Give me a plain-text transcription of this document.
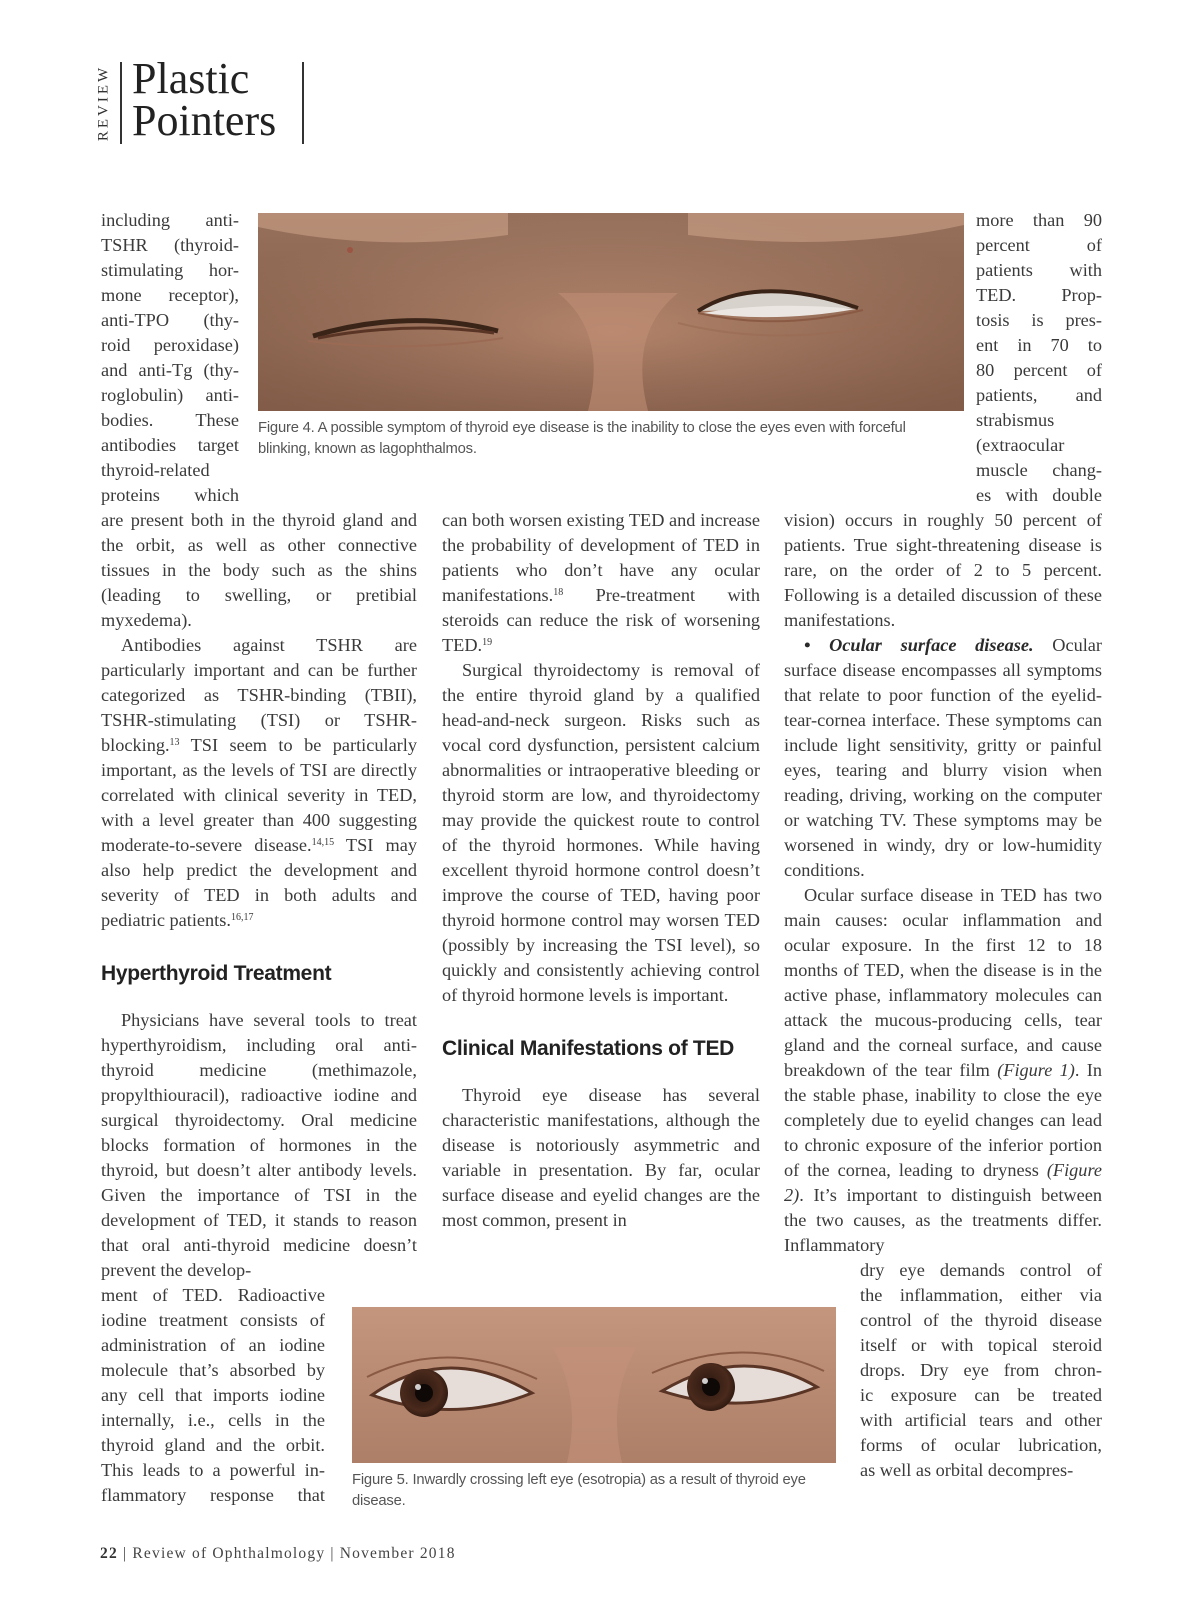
REVIEW Plastic
Pointers
Figure 4. A possible symptom of thyroid eye disease is the inability to close the eyes even with forceful blinking, known as lagophthalmos.

including anti-

TSHR (thyroid-

stimulating hor-

mone receptor),

anti-TPO (thy-

roid peroxidase)

and anti-Tg (thy-

roglobulin) anti-

bodies. These

antibodies target

thyroid-related

proteins which

are present both in the thyroid gland and the orbit, as well as other connective tissues in the body such as the shins (leading to swelling, or pretibial myxedema).

Antibodies against TSHR are particularly important and can be further categorized as TSHR-binding (TBII), TSHR-stimulating (TSI) or TSHR-blocking.$^{13}$ TSI seem to be particularly important, as the levels of TSI are directly correlated with clinical severity in TED, with a level greater than 400 suggesting moderate-to-severe disease.$^{14,15}$ TSI may also help predict the development and severity of TED in both adults and pediatric patients.$^{16,17}$

Hyperthyroid Treatment

Physicians have several tools to treat hyperthyroidism, including oral anti-thyroid medicine (methimazole, propylthiouracil), radioactive iodine and surgical thyroidectomy. Oral medicine blocks formation of hormones in the thyroid, but doesn’t alter antibody levels. Given the importance of TSI in the development of TED, it stands to reason that oral anti-thyroid medicine doesn’t prevent the develop-

ment of TED. Radioactive

iodine treatment consists of

administration of an iodine

molecule that’s absorbed by

any cell that imports iodine

internally, i.e., cells in the

thyroid gland and the orbit.

This leads to a powerful in-

flammatory response that

can both worsen existing TED and increase the probability of development of TED in patients who don’t have any ocular manifestations.$^{18}$ Pre-treatment with steroids can reduce the risk of worsening TED.$^{19}$

Surgical thyroidectomy is removal of the entire thyroid gland by a qualified head-and-neck surgeon. Risks such as vocal cord dysfunction, persistent calcium abnormalities or intraoperative bleeding or thyroid storm are low, and thyroidectomy may provide the quickest route to control of the thyroid hormones. While having excellent thyroid hormone control doesn’t improve the course of TED, having poor thyroid hormone control may worsen TED (possibly by increasing the TSI level), so quickly and consistently achieving control of thyroid hormone levels is important.

Clinical Manifestations of TED

Thyroid eye disease has several characteristic manifestations, although the disease is notoriously asymmetric and variable in presentation. By far, ocular surface disease and eyelid changes are the most common, present in

more than 90

percent of

patients with

TED. Prop-

tosis is pres-

ent in 70 to

80 percent of

patients, and

strabismus

(extraocular

muscle chang-

es with double

vision) occurs in roughly 50 percent of patients. True sight-threatening disease is rare, on the order of 2 to 5 percent. Following is a detailed discussion of these manifestations.

• Ocular surface disease. Ocular surface disease encompasses all symptoms that relate to poor function of the eyelid-tear-cornea interface. These symptoms can include light sensitivity, gritty or painful eyes, tearing and blurry vision when reading, driving, working on the computer or watching TV. These symptoms may be worsened in windy, dry or low-humidity conditions.

Ocular surface disease in TED has two main causes: ocular inflammation and ocular exposure. In the first 12 to 18 months of TED, when the disease is in the active phase, inflammatory molecules can attack the mucous-producing cells, tear gland and the corneal surface, and cause breakdown of the tear film (Figure 1). In the stable phase, inability to close the eye completely due to eyelid changes can lead to chronic exposure of the inferior portion of the cornea, leading to dryness (Figure 2). It’s important to distinguish between the two causes, as the treatments differ. Inflammatory

dry eye demands control of

the inflammation, either via

control of the thyroid disease

itself or with topical steroid

drops. Dry eye from chron-

ic exposure can be treated

with artificial tears and other

forms of ocular lubrication,

as well as orbital decompres-

Figure 5. Inwardly crossing left eye (esotropia) as a result of thyroid eye disease.
22 | Review of Ophthalmology | November 2018
